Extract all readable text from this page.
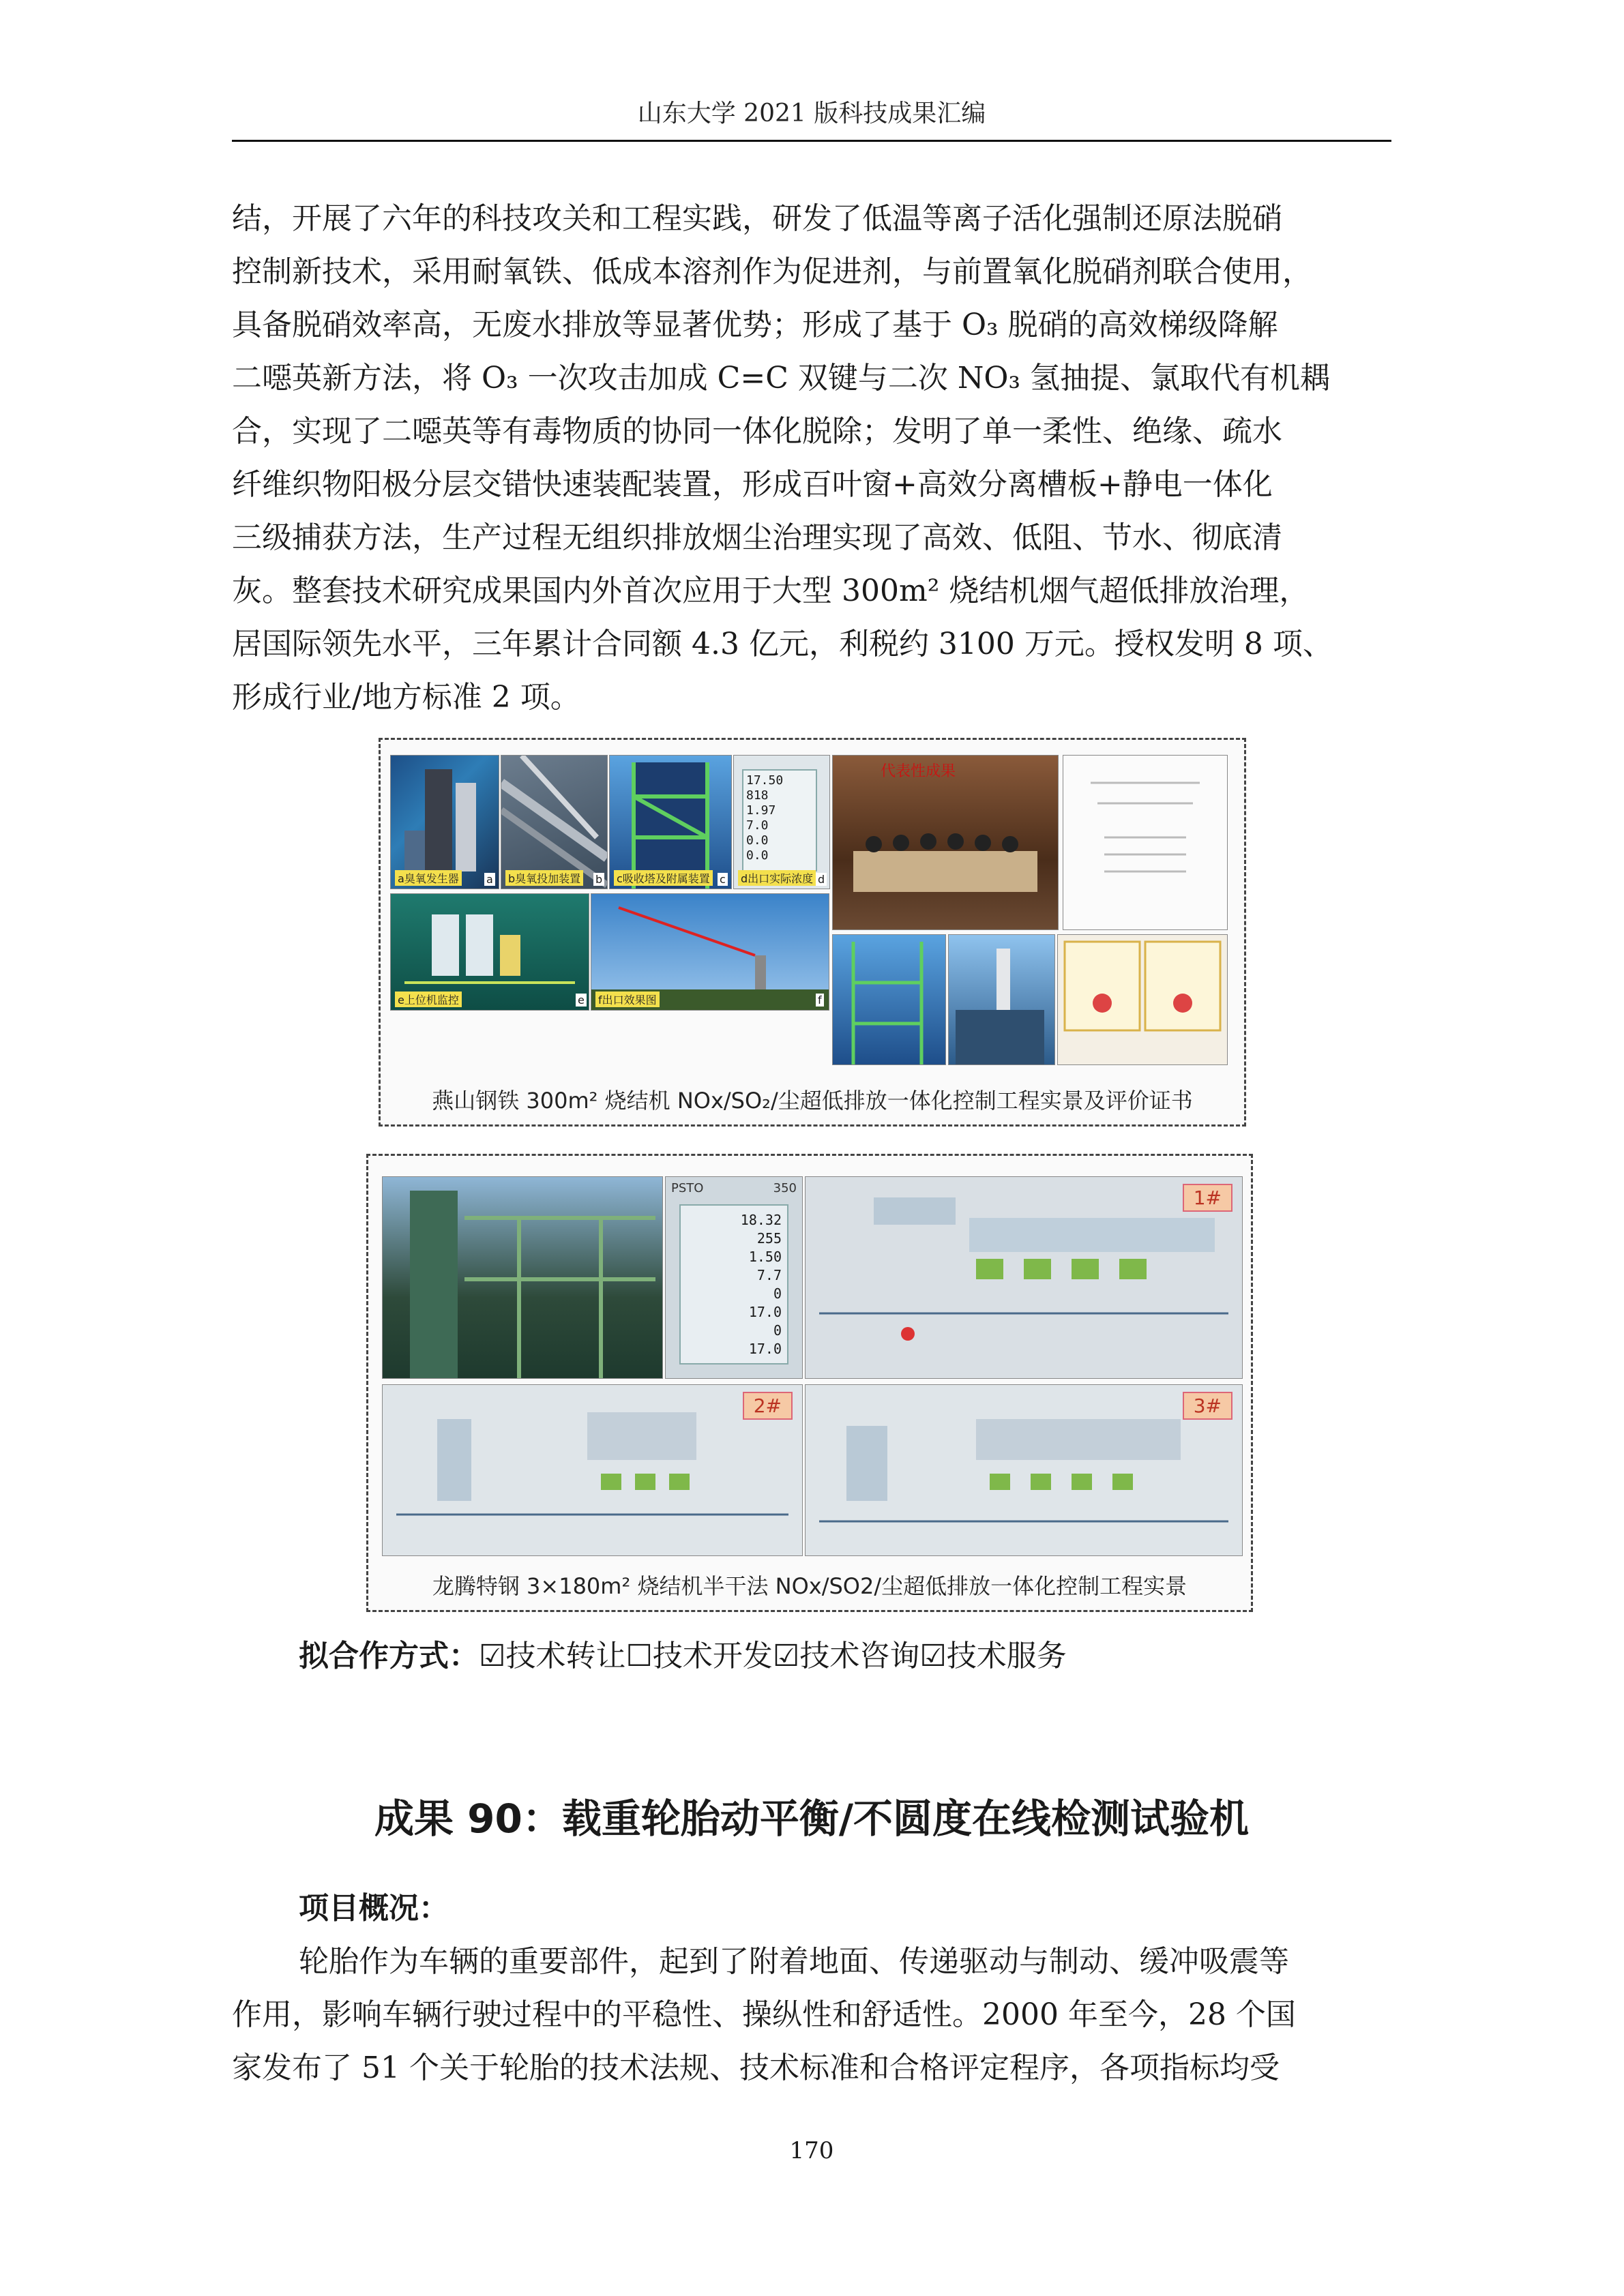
山东大学 2021 版科技成果汇编

结，开展了六年的科技攻关和工程实践，研发了低温等离子活化强制还原法脱硝

控制新技术，采用耐氧铁、低成本溶剂作为促进剂，与前置氧化脱硝剂联合使用，

具备脱硝效率高，无废水排放等显著优势；形成了基于 O₃ 脱硝的高效梯级降解

二噁英新方法，将 O₃ 一次攻击加成 C=C 双键与二次 NO₃ 氢抽提、氯取代有机耦

合，实现了二噁英等有毒物质的协同一体化脱除；发明了单一柔性、绝缘、疏水

纤维织物阳极分层交错快速装配装置，形成百叶窗+高效分离槽板+静电一体化

三级捕获方法，生产过程无组织排放烟尘治理实现了高效、低阻、节水、彻底清

灰。整套技术研究成果国内外首次应用于大型 300m² 烧结机烟气超低排放治理，

居国际领先水平，三年累计合同额 4.3 亿元，利税约 3100 万元。授权发明 8 项、

形成行业/地方标准 2 项。

a臭氧发生器	b臭氧投加装置	c吸收塔及附属装置
17.50
818
1.97
7.0
0.0
0.0
d出口实际浓度
代表性成果
e上位机监控	f出口效果图
a	b	c	d
e	f
燕山钢铁 300m² 烧结机 NOx/SO₂/尘超低排放一体化控制工程实景及评价证书
PSTO	350
18.32
255
1.50
7.7
0
17.0
0
17.0
1#
2#	3#
龙腾特钢 3×180m² 烧结机半干法 NOx/SO2/尘超低排放一体化控制工程实景
拟合作方式：☑技术转让☐技术开发☑技术咨询☑技术服务
成果 90：载重轮胎动平衡/不圆度在线检测试验机
项目概况：

轮胎作为车辆的重要部件，起到了附着地面、传递驱动与制动、缓冲吸震等

作用，影响车辆行驶过程中的平稳性、操纵性和舒适性。2000 年至今，28 个国

家发布了 51 个关于轮胎的技术法规、技术标准和合格评定程序，各项指标均受

170
